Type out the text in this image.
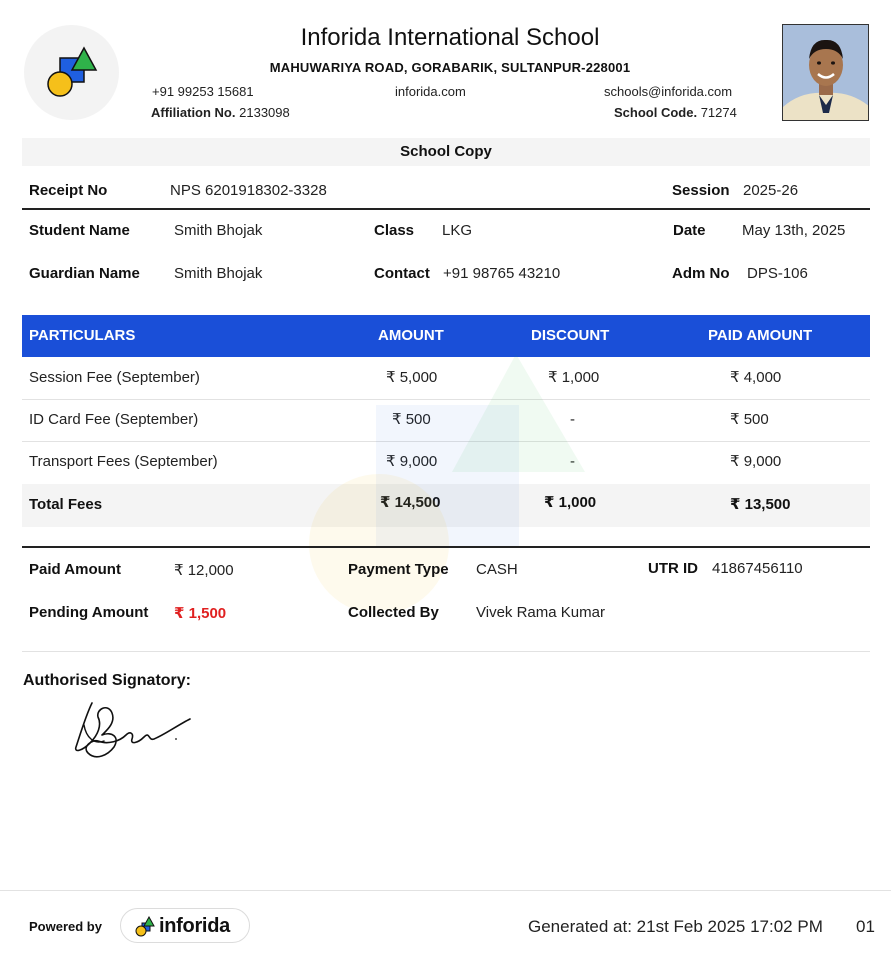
Inforida International School
MAHUWARIYA ROAD, GORABARIK, SULTANPUR-228001
+91 99253 15681	inforida.com	schools@inforida.com
Affiliation No. 2133098	School Code. 71274
School Copy
Receipt No	NPS 6201918302-3328	Session 2025-26
Student Name	Smith Bhojak	Class LKG	Date May 13th, 2025
Guardian Name Smith Bhojak	Contact +91 98765 43210	Adm No DPS-106
PARTICULARS	AMOUNT	DISCOUNT	PAID AMOUNT
Session Fee (September)	₹ 5,000	₹ 1,000	₹ 4,000
ID Card Fee (September)	₹ 500	-	₹ 500
Transport Fees (September)	₹ 9,000	-	₹ 9,000
Total Fees	₹ 14,500	₹ 1,000	₹ 13,500
Paid Amount	₹ 12,000	Payment Type CASH	UTR ID 41867456110
Pending Amount ₹ 1,500	Collected By Vivek Rama Kumar
Authorised Signatory:
Powered by	inforida	Generated at: 21st Feb 2025 17:02 PM 01
